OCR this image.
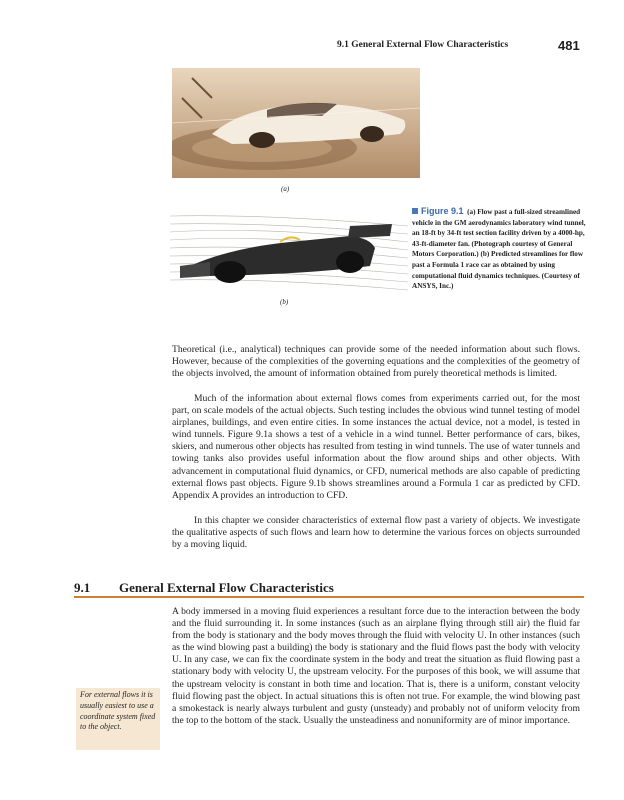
9.1 General External Flow Characteristics	481
(a)
(b)
Figure 9.1 (a) Flow past a full-sized streamlined vehicle in the GM aerodynamics laboratory wind tunnel, an 18-ft by 34-ft test section facility driven by a 4000-hp, 43-ft-diameter fan. (Photograph courtesy of General Motors Corporation.) (b) Predicted streamlines for flow past a Formula 1 race car as obtained by using computational fluid dynamics techniques. (Courtesy of ANSYS, Inc.)

Theoretical (i.e., analytical) techniques can provide some of the needed information about such flows. However, because of the complexities of the governing equations and the complexities of the geometry of the objects involved, the amount of information obtained from purely theoretical methods is limited.

Much of the information about external flows comes from experiments carried out, for the most part, on scale models of the actual objects. Such testing includes the obvious wind tunnel testing of model airplanes, buildings, and even entire cities. In some instances the actual device, not a model, is tested in wind tunnels. Figure 9.1a shows a test of a vehicle in a wind tunnel. Better performance of cars, bikes, skiers, and numerous other objects has resulted from testing in wind tunnels. The use of water tunnels and towing tanks also provides useful information about the flow around ships and other objects. With advancement in computational fluid dynamics, or CFD, numerical methods are also capable of predicting external flows past objects. Figure 9.1b shows streamlines around a Formula 1 car as predicted by CFD. Appendix A provides an introduction to CFD.

In this chapter we consider characteristics of external flow past a variety of objects. We investigate the qualitative aspects of such flows and learn how to determine the various forces on objects surrounded by a moving liquid.

9.1 General External Flow Characteristics

A body immersed in a moving fluid experiences a resultant force due to the interaction between the body and the fluid surrounding it. In some instances (such as an airplane flying through still air) the fluid far from the body is stationary and the body moves through the fluid with velocity U. In other instances (such as the wind blowing past a building) the body is stationary and the fluid flows past the body with velocity U. In any case, we can fix the coordinate system in the body and treat the situation as fluid flowing past a stationary body with velocity U, the upstream velocity. For the purposes of this book, we will assume that the upstream velocity is constant in both time and location. That is, there is a uniform, constant velocity fluid flowing past the object. In actual situations this is often not true. For example, the wind blowing past a smokestack is nearly always turbulent and gusty (unsteady) and probably not of uniform velocity from the top to the bottom of the stack. Usually the unsteadiness and nonuniformity are of minor importance.

For external flows it is usually easiest to use a coordinate system fixed to the object.
